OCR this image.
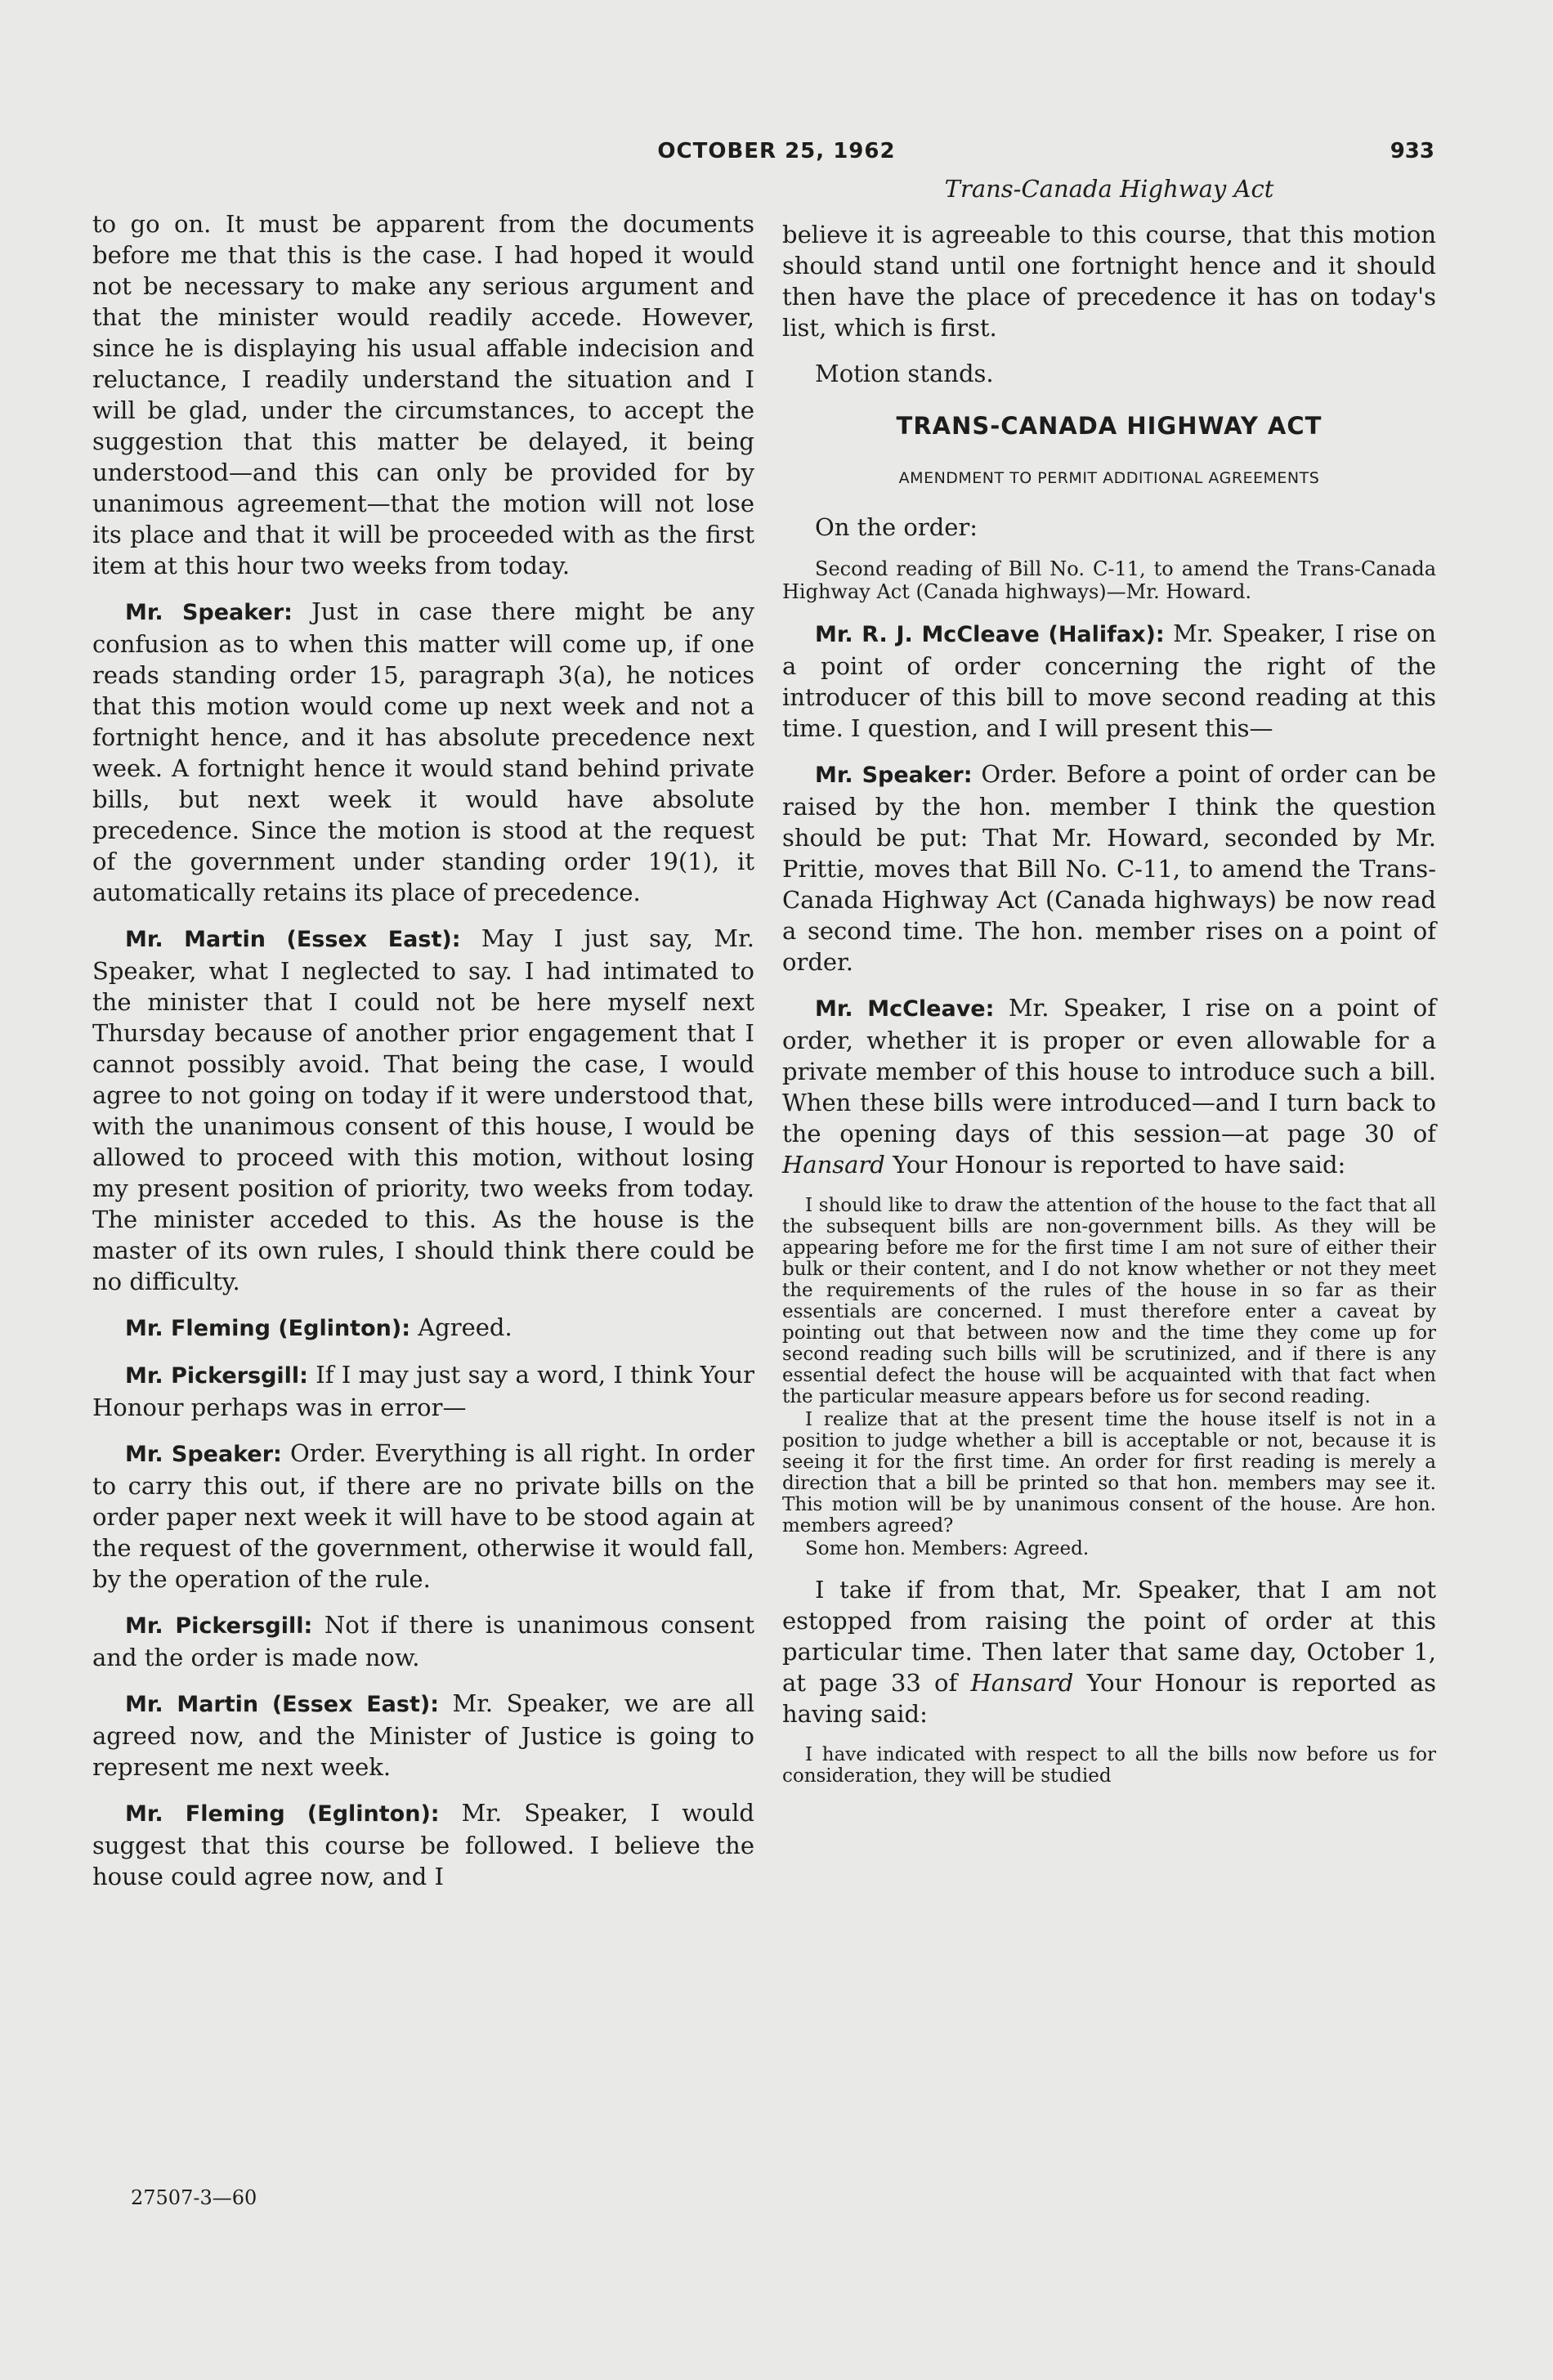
OCTOBER 25, 1962	933

to go on. It must be apparent from the documents before me that this is the case. I had hoped it would not be necessary to make any serious argument and that the minister would readily accede. However, since he is displaying his usual affable indecision and reluctance, I readily understand the situation and I will be glad, under the circumstances, to accept the suggestion that this matter be delayed, it being understood—and this can only be provided for by unanimous agreement—that the motion will not lose its place and that it will be proceeded with as the first item at this hour two weeks from today.

Mr. Speaker: Just in case there might be any confusion as to when this matter will come up, if one reads standing order 15, paragraph 3(a), he notices that this motion would come up next week and not a fortnight hence, and it has absolute precedence next week. A fortnight hence it would stand behind private bills, but next week it would have absolute precedence. Since the motion is stood at the request of the government under standing order 19(1), it automatically retains its place of precedence.

Mr. Martin (Essex East): May I just say, Mr. Speaker, what I neglected to say. I had intimated to the minister that I could not be here myself next Thursday because of another prior engagement that I cannot possibly avoid. That being the case, I would agree to not going on today if it were understood that, with the unanimous consent of this house, I would be allowed to proceed with this motion, without losing my present position of priority, two weeks from today. The minister acceded to this. As the house is the master of its own rules, I should think there could be no difficulty.

Mr. Fleming (Eglinton): Agreed.

Mr. Pickersgill: If I may just say a word, I think Your Honour perhaps was in error—

Mr. Speaker: Order. Everything is all right. In order to carry this out, if there are no private bills on the order paper next week it will have to be stood again at the request of the government, otherwise it would fall, by the operation of the rule.

Mr. Pickersgill: Not if there is unanimous consent and the order is made now.

Mr. Martin (Essex East): Mr. Speaker, we are all agreed now, and the Minister of Justice is going to represent me next week.

Mr. Fleming (Eglinton): Mr. Speaker, I would suggest that this course be followed. I believe the house could agree now, and I

Trans-Canada Highway Act

believe it is agreeable to this course, that this motion should stand until one fortnight hence and it should then have the place of precedence it has on today's list, which is first.

Motion stands.

TRANS-CANADA HIGHWAY ACT
AMENDMENT TO PERMIT ADDITIONAL AGREEMENTS

On the order:

Second reading of Bill No. C-11, to amend the Trans-Canada Highway Act (Canada highways)—Mr. Howard.

Mr. R. J. McCleave (Halifax): Mr. Speaker, I rise on a point of order concerning the right of the introducer of this bill to move second reading at this time. I question, and I will present this—

Mr. Speaker: Order. Before a point of order can be raised by the hon. member I think the question should be put: That Mr. Howard, seconded by Mr. Prittie, moves that Bill No. C-11, to amend the Trans-Canada Highway Act (Canada highways) be now read a second time. The hon. member rises on a point of order.

Mr. McCleave: Mr. Speaker, I rise on a point of order, whether it is proper or even allowable for a private member of this house to introduce such a bill. When these bills were introduced—and I turn back to the opening days of this session—at page 30 of Hansard Your Honour is reported to have said:

I should like to draw the attention of the house to the fact that all the subsequent bills are non-government bills. As they will be appearing before me for the first time I am not sure of either their bulk or their content, and I do not know whether or not they meet the requirements of the rules of the house in so far as their essentials are concerned. I must therefore enter a caveat by pointing out that between now and the time they come up for second reading such bills will be scrutinized, and if there is any essential defect the house will be acquainted with that fact when the particular measure appears before us for second reading.

I realize that at the present time the house itself is not in a position to judge whether a bill is acceptable or not, because it is seeing it for the first time. An order for first reading is merely a direction that a bill be printed so that hon. members may see it. This motion will be by unanimous consent of the house. Are hon. members agreed?

Some hon. Members: Agreed.

I take if from that, Mr. Speaker, that I am not estopped from raising the point of order at this particular time. Then later that same day, October 1, at page 33 of Hansard Your Honour is reported as having said:

I have indicated with respect to all the bills now before us for consideration, they will be studied

27507-3—60
